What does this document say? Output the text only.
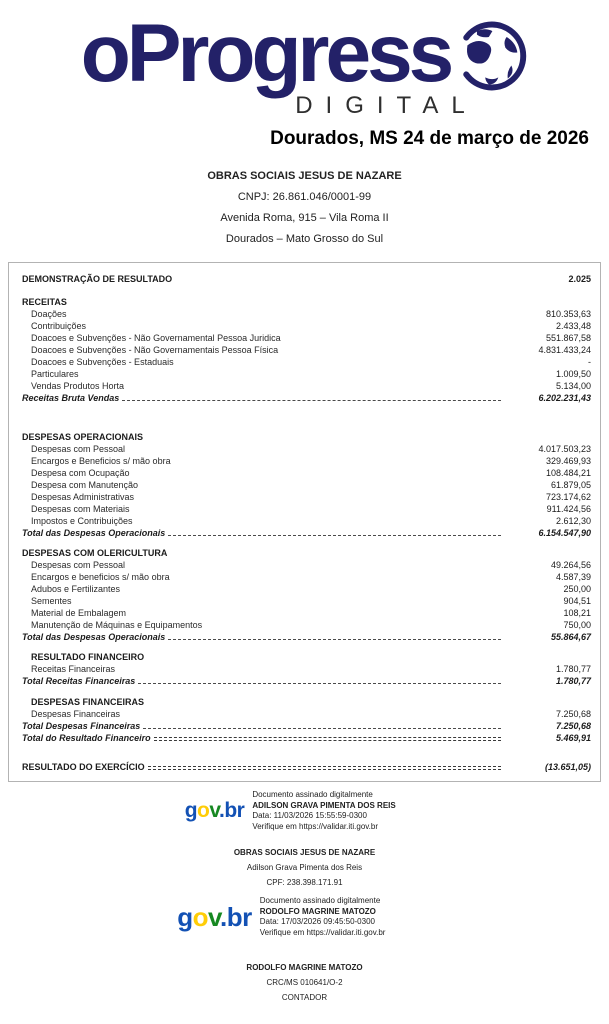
oProgress
DIGITAL
Dourados, MS 24 de março de 2026
OBRAS SOCIAIS JESUS DE NAZARE
CNPJ: 26.861.046/0001-99
Avenida Roma, 915 – Vila Roma II
Dourados – Mato Grosso do Sul
DEMONSTRAÇÃO DE RESULTADO	2.025
RECEITAS
Doações	810.353,63
Contribuições	2.433,48
Doacoes e Subvenções - Não Governamental Pessoa Juridica	551.867,58
Doacoes e Subvenções - Não Governamentais Pessoa Física	4.831.433,24
Doacoes e Subvenções - Estaduais	-
Particulares	1.009,50
Vendas Produtos Horta	5.134,00
Receitas Bruta Vendas	6.202.231,43
DESPESAS OPERACIONAIS
Despesas com Pessoal	4.017.503,23
Encargos e Beneficios s/ mão obra	329.469,93
Despesa com Ocupação	108.484,21
Despesa com Manutenção	61.879,05
Despesas Administrativas	723.174,62
Despesas com Materiais	911.424,56
Impostos e Contribuições	2.612,30
Total das Despesas Operacionais	6.154.547,90
DESPESAS COM OLERICULTURA
Despesas com Pessoal	49.264,56
Encargos e beneficios s/ mão obra	4.587,39
Adubos e Fertilizantes	250,00
Sementes	904,51
Material de Embalagem	108,21
Manutenção de Máquinas e Equipamentos	750,00
Total das Despesas Operacionais	55.864,67
RESULTADO FINANCEIRO
Receitas Financeiras	1.780,77
Total Receitas Financeiras	1.780,77
DESPESAS FINANCEIRAS
Despesas Financeiras	7.250,68
Total Despesas Financeiras	7.250,68
Total do Resultado Financeiro	5.469,91
RESULTADO DO EXERCÍCIO	(13.651,05)
gov.br
Documento assinado digitalmente
ADILSON GRAVA PIMENTA DOS REIS
Data: 11/03/2026 15:55:59-0300
Verifique em https://validar.iti.gov.br
OBRAS SOCIAIS JESUS DE NAZARE
Adilson Grava Pimenta dos Reis
CPF: 238.398.171.91
gov.br
Documento assinado digitalmente
RODOLFO MAGRINE MATOZO
Data: 17/03/2026 09:45:50-0300
Verifique em https://validar.iti.gov.br
RODOLFO MAGRINE MATOZO
CRC/MS 010641/O-2
CONTADOR
